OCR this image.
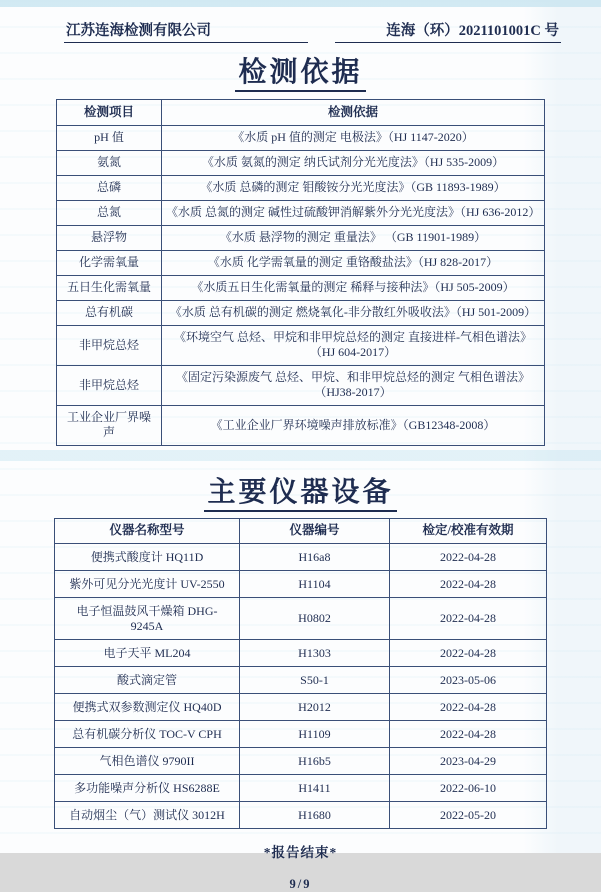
江苏连海检测有限公司	连海（环）2021101001C 号
检测依据
检测项目	检测依据
pH 值	《水质 pH 值的测定 电极法》（HJ 1147-2020）
氨氮	《水质 氨氮的测定 纳氏试剂分光光度法》（HJ 535-2009）
总磷	《水质 总磷的测定 钼酸铵分光光度法》（GB 11893-1989）
总氮	《水质 总氮的测定 碱性过硫酸钾消解紫外分光光度法》（HJ 636-2012）
悬浮物	《水质 悬浮物的测定 重量法》 （GB 11901-1989）
化学需氧量	《水质 化学需氧量的测定 重铬酸盐法》（HJ 828-2017）
五日生化需氧量	《水质五日生化需氧量的测定 稀释与接种法》（HJ 505-2009）
总有机碳	《水质 总有机碳的测定 燃烧氧化-非分散红外吸收法》（HJ 501-2009）
非甲烷总烃	《环境空气 总烃、甲烷和非甲烷总烃的测定 直接进样-气相色谱法》（HJ 604-2017）
非甲烷总烃	《固定污染源废气 总烃、甲烷、和非甲烷总烃的测定 气相色谱法》（HJ38-2017）
工业企业厂界噪声	《工业企业厂界环境噪声排放标准》（GB12348-2008）
主要仪器设备
仪器名称型号	仪器编号	检定/校准有效期
便携式酸度计 HQ11D	H16a8	2022-04-28
紫外可见分光光度计 UV-2550	H1104	2022-04-28
电子恒温鼓风干燥箱 DHG-9245A	H0802	2022-04-28
电子天平 ML204	H1303	2022-04-28
酸式滴定管	S50-1	2023-05-06
便携式双参数测定仪 HQ40D	H2012	2022-04-28
总有机碳分析仪 TOC-V CPH	H1109	2022-04-28
气相色谱仪 9790II	H16b5	2023-04-29
多功能噪声分析仪 HS6288E	H1411	2022-06-10
自动烟尘（气）测试仪 3012H	H1680	2022-05-20
*报告结束*
9/9
